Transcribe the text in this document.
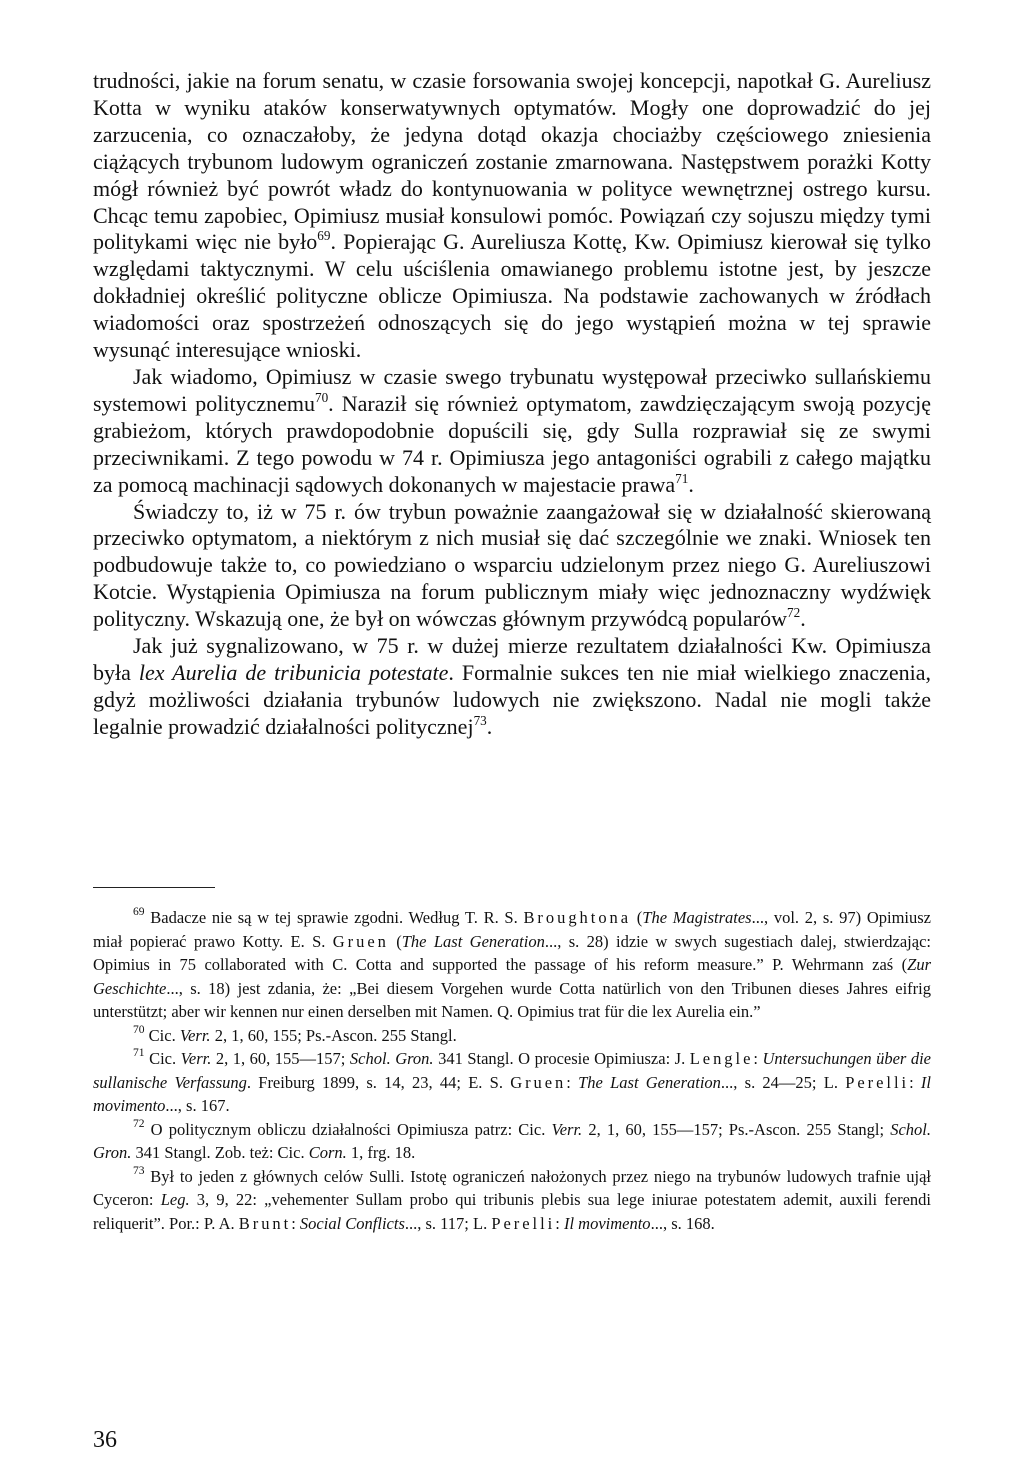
trudności, jakie na forum senatu, w czasie forsowania swojej koncepcji, napotkał G. Aureliusz Kotta w wyniku ataków konserwatywnych optymatów. Mogły one doprowadzić do jej zarzucenia, co oznaczałoby, że jedyna dotąd okazja chociażby częściowego zniesienia ciążących trybunom ludowym ograniczeń zostanie zmarnowana. Następstwem porażki Kotty mógł również być powrót władz do kontynuowania w polityce wewnętrznej ostrego kursu. Chcąc temu zapobiec, Opimiusz musiał konsulowi pomóc. Powiązań czy sojuszu między tymi politykami więc nie było$^{69}$. Popierając G. Aureliusza Kottę, Kw. Opimiusz kierował się tylko względami taktycznymi. W celu uściślenia omawianego problemu istotne jest, by jeszcze dokładniej określić polityczne oblicze Opimiusza. Na podstawie zachowanych w źródłach wiadomości oraz spostrzeżeń odnoszących się do jego wystąpień można w tej sprawie wysunąć interesujące wnioski.

Jak wiadomo, Opimiusz w czasie swego trybunatu występował przeciwko sullańskiemu systemowi politycznemu$^{70}$. Naraził się również optymatom, zawdzięczającym swoją pozycję grabieżom, których prawdopodobnie dopuścili się, gdy Sulla rozprawiał się ze swymi przeciwnikami. Z tego powodu w 74 r. Opimiusza jego antagoniści ograbili z całego majątku za pomocą machinacji sądowych dokonanych w majestacie prawa$^{71}$.

Świadczy to, iż w 75 r. ów trybun poważnie zaangażował się w działalność skierowaną przeciwko optymatom, a niektórym z nich musiał się dać szczególnie we znaki. Wniosek ten podbudowuje także to, co powiedziano o wsparciu udzielonym przez niego G. Aureliuszowi Kotcie. Wystąpienia Opimiusza na forum publicznym miały więc jednoznaczny wydźwięk polityczny. Wskazują one, że był on wówczas głównym przywódcą popularów$^{72}$.

Jak już sygnalizowano, w 75 r. w dużej mierze rezultatem działalności Kw. Opimiusza była lex Aurelia de tribunicia potestate. Formalnie sukces ten nie miał wielkiego znaczenia, gdyż możliwości działania trybunów ludowych nie zwiększono. Nadal nie mogli także legalnie prowadzić działalności politycznej$^{73}$.

$^{69}$ Badacze nie są w tej sprawie zgodni. Według T. R. S. Broughtona (The Magistrates..., vol. 2, s. 97) Opimiusz miał popierać prawo Kotty. E. S. Gruen (The Last Generation..., s. 28) idzie w swych sugestiach dalej, stwierdzając: Opimius in 75 collaborated with C. Cotta and supported the passage of his reform measure.” P. Wehrmann zaś (Zur Geschichte..., s. 18) jest zdania, że: „Bei diesem Vorgehen wurde Cotta natürlich von den Tribunen dieses Jahres eifrig unterstützt; aber wir kennen nur einen derselben mit Namen. Q. Opimius trat für die lex Aurelia ein.”

$^{70}$ Cic. Verr. 2, 1, 60, 155; Ps.-Ascon. 255 Stangl.

$^{71}$ Cic. Verr. 2, 1, 60, 155—157; Schol. Gron. 341 Stangl. O procesie Opimiusza: J. Lengle: Untersuchungen über die sullanische Verfassung. Freiburg 1899, s. 14, 23, 44; E. S. Gruen: The Last Generation..., s. 24—25; L. Perelli: Il movimento..., s. 167.

$^{72}$ O politycznym obliczu działalności Opimiusza patrz: Cic. Verr. 2, 1, 60, 155—157; Ps.-Ascon. 255 Stangl; Schol. Gron. 341 Stangl. Zob. też: Cic. Corn. 1, frg. 18.

$^{73}$ Był to jeden z głównych celów Sulli. Istotę ograniczeń nałożonych przez niego na trybunów ludowych trafnie ujął Cyceron: Leg. 3, 9, 22: „vehementer Sullam probo qui tribunis plebis sua lege iniurae potestatem ademit, auxili ferendi reliquerit”. Por.: P. A. Brunt: Social Conflicts..., s. 117; L. Perelli: Il movimento..., s. 168.

36
